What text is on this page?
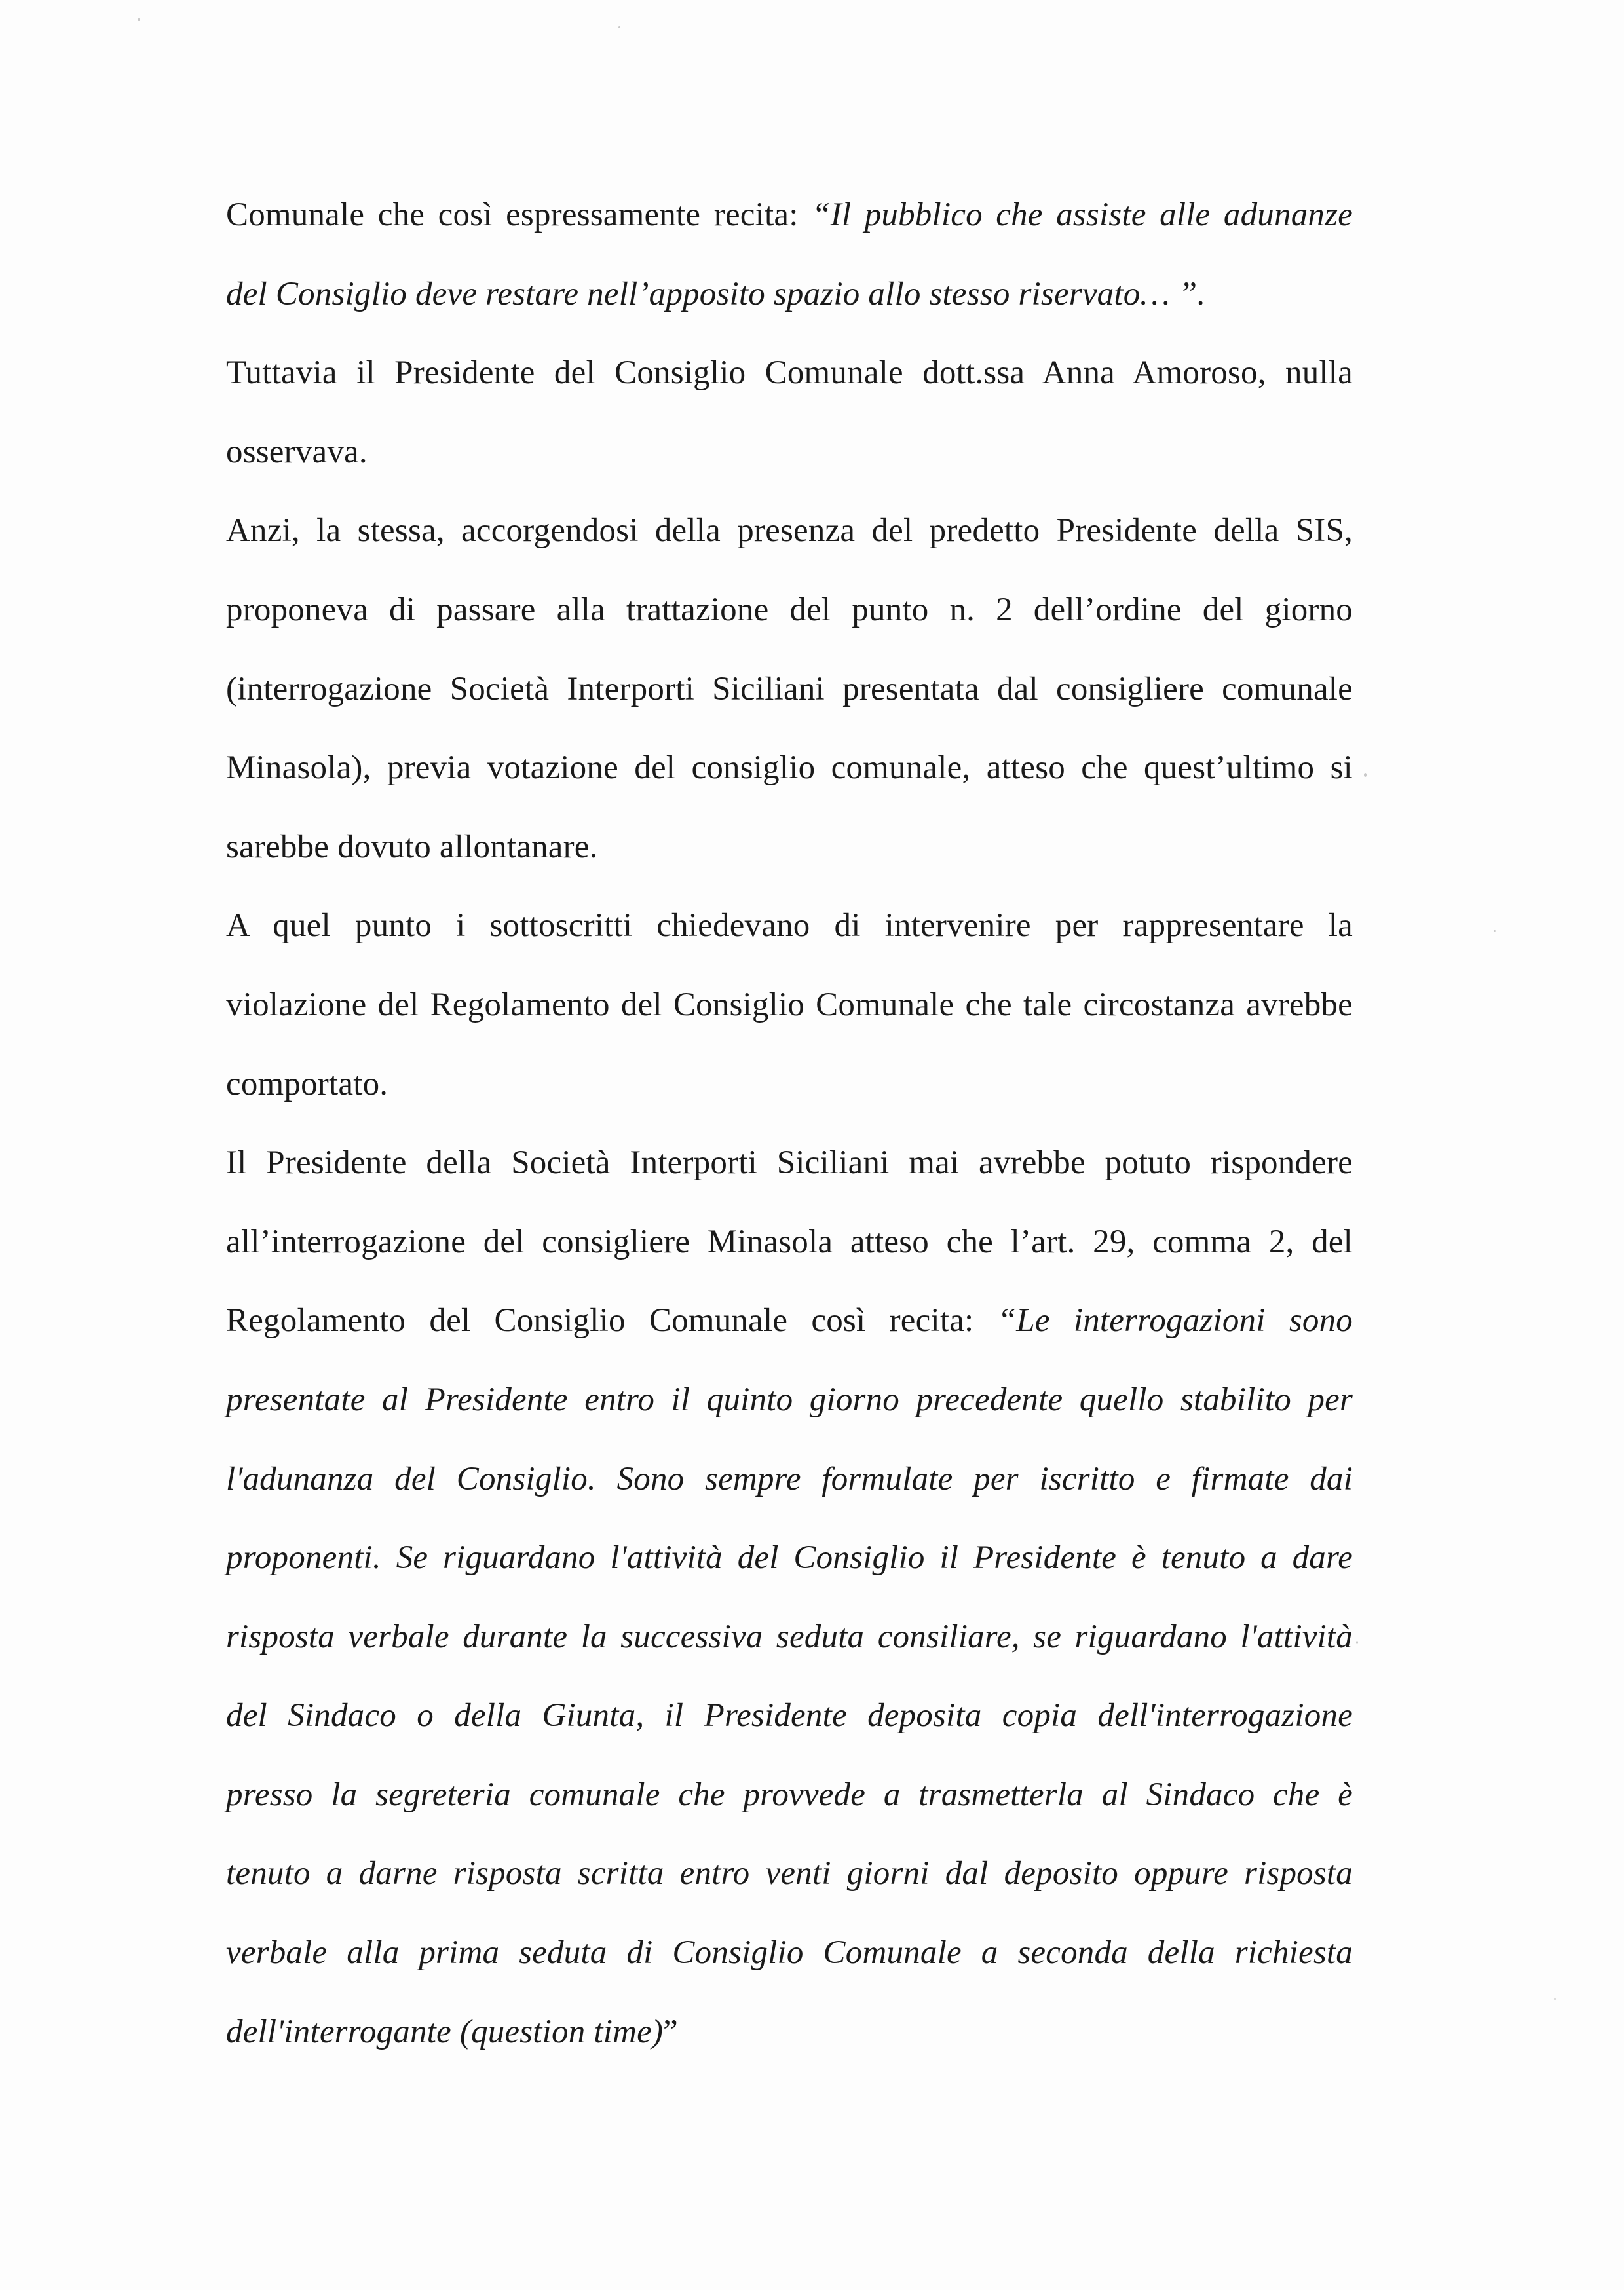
Comunale che così espressamente recita: “Il pubblico che assiste alle adunanze
del Consiglio deve restare nell’apposito spazio allo stesso riservato… ”.
Tuttavia il Presidente del Consiglio Comunale dott.ssa Anna Amoroso, nulla
osservava.
Anzi, la stessa, accorgendosi della presenza del predetto Presidente della SIS,
proponeva di passare alla trattazione del punto n. 2 dell’ordine del giorno
(interrogazione Società Interporti Siciliani presentata dal consigliere comunale
Minasola), previa votazione del consiglio comunale, atteso che quest’ultimo si
sarebbe dovuto allontanare.
A quel punto i sottoscritti chiedevano di intervenire per rappresentare la
violazione del Regolamento del Consiglio Comunale che tale circostanza avrebbe
comportato.
Il Presidente della Società Interporti Siciliani mai avrebbe potuto rispondere
all’interrogazione del consigliere Minasola atteso che l’art. 29, comma 2, del
Regolamento del Consiglio Comunale così recita: “Le interrogazioni sono
presentate al Presidente entro il quinto giorno precedente quello stabilito per
l'adunanza del Consiglio. Sono sempre formulate per iscritto e firmate dai
proponenti. Se riguardano l'attività del Consiglio il Presidente è tenuto a dare
risposta verbale durante la successiva seduta consiliare, se riguardano l'attività
del Sindaco o della Giunta, il Presidente deposita copia dell'interrogazione
presso la segreteria comunale che provvede a trasmetterla al Sindaco che è
tenuto a darne risposta scritta entro venti giorni dal deposito oppure risposta
verbale alla prima seduta di Consiglio Comunale a seconda della richiesta
dell'interrogante (question time)”
